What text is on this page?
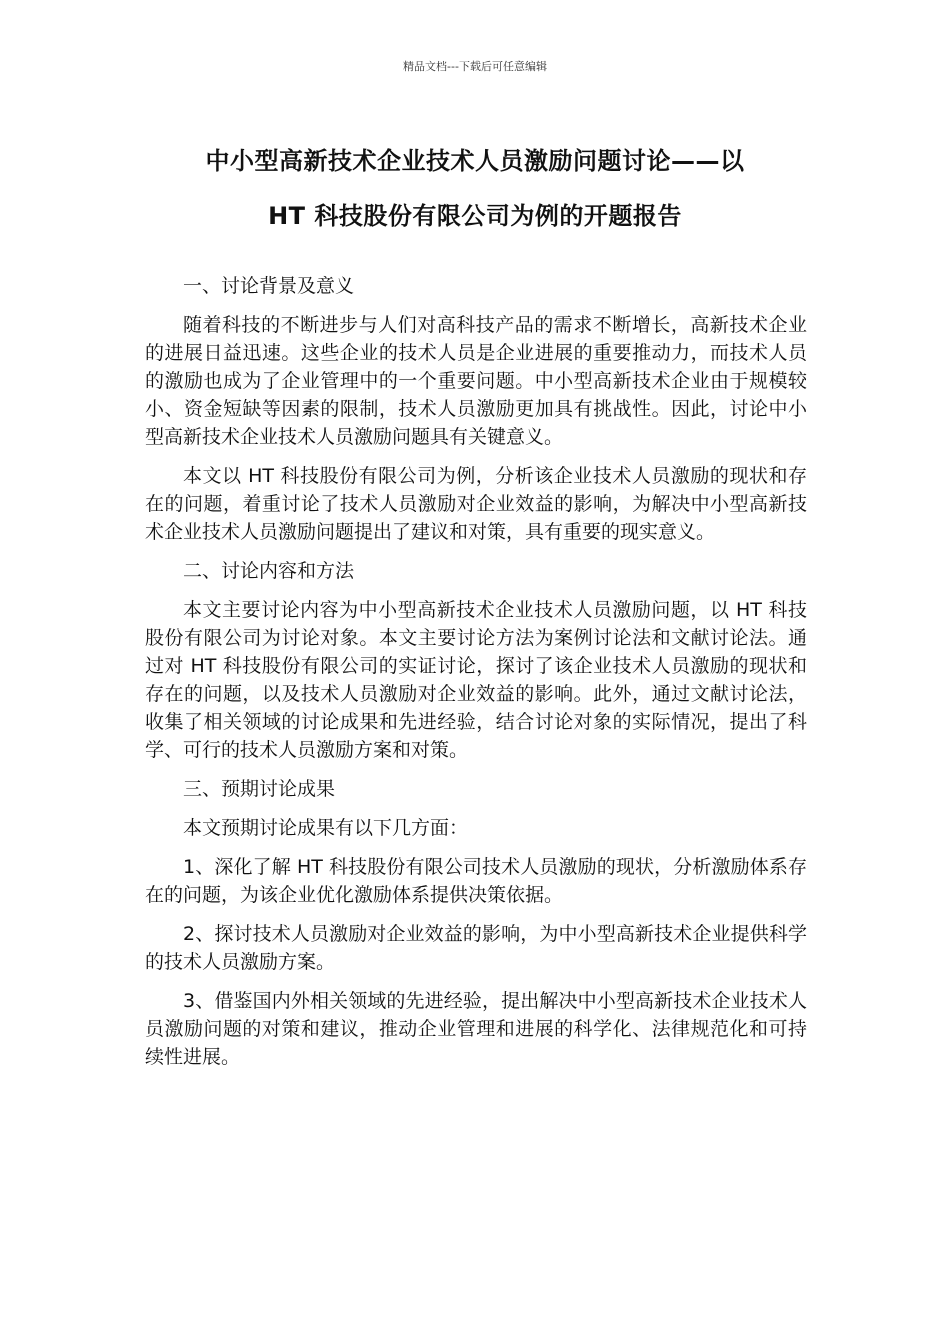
精品文档---下载后可任意编辑
中小型高新技术企业技术人员激励问题讨论——以
HT 科技股份有限公司为例的开题报告

一、讨论背景及意义

随着科技的不断进步与人们对高科技产品的需求不断增长，高新技术企业的进展日益迅速。这些企业的技术人员是企业进展的重要推动力，而技术人员的激励也成为了企业管理中的一个重要问题。中小型高新技术企业由于规模较小、资金短缺等因素的限制，技术人员激励更加具有挑战性。因此，讨论中小型高新技术企业技术人员激励问题具有关键意义。

本文以 HT 科技股份有限公司为例，分析该企业技术人员激励的现状和存在的问题，着重讨论了技术人员激励对企业效益的影响，为解决中小型高新技术企业技术人员激励问题提出了建议和对策，具有重要的现实意义。

二、讨论内容和方法

本文主要讨论内容为中小型高新技术企业技术人员激励问题，以 HT 科技股份有限公司为讨论对象。本文主要讨论方法为案例讨论法和文献讨论法。通过对 HT 科技股份有限公司的实证讨论，探讨了该企业技术人员激励的现状和存在的问题，以及技术人员激励对企业效益的影响。此外，通过文献讨论法，收集了相关领域的讨论成果和先进经验，结合讨论对象的实际情况，提出了科学、可行的技术人员激励方案和对策。

三、预期讨论成果

本文预期讨论成果有以下几方面：

1、深化了解 HT 科技股份有限公司技术人员激励的现状，分析激励体系存在的问题，为该企业优化激励体系提供决策依据。

2、探讨技术人员激励对企业效益的影响，为中小型高新技术企业提供科学的技术人员激励方案。

3、借鉴国内外相关领域的先进经验，提出解决中小型高新技术企业技术人员激励问题的对策和建议，推动企业管理和进展的科学化、法律规范化和可持续性进展。
